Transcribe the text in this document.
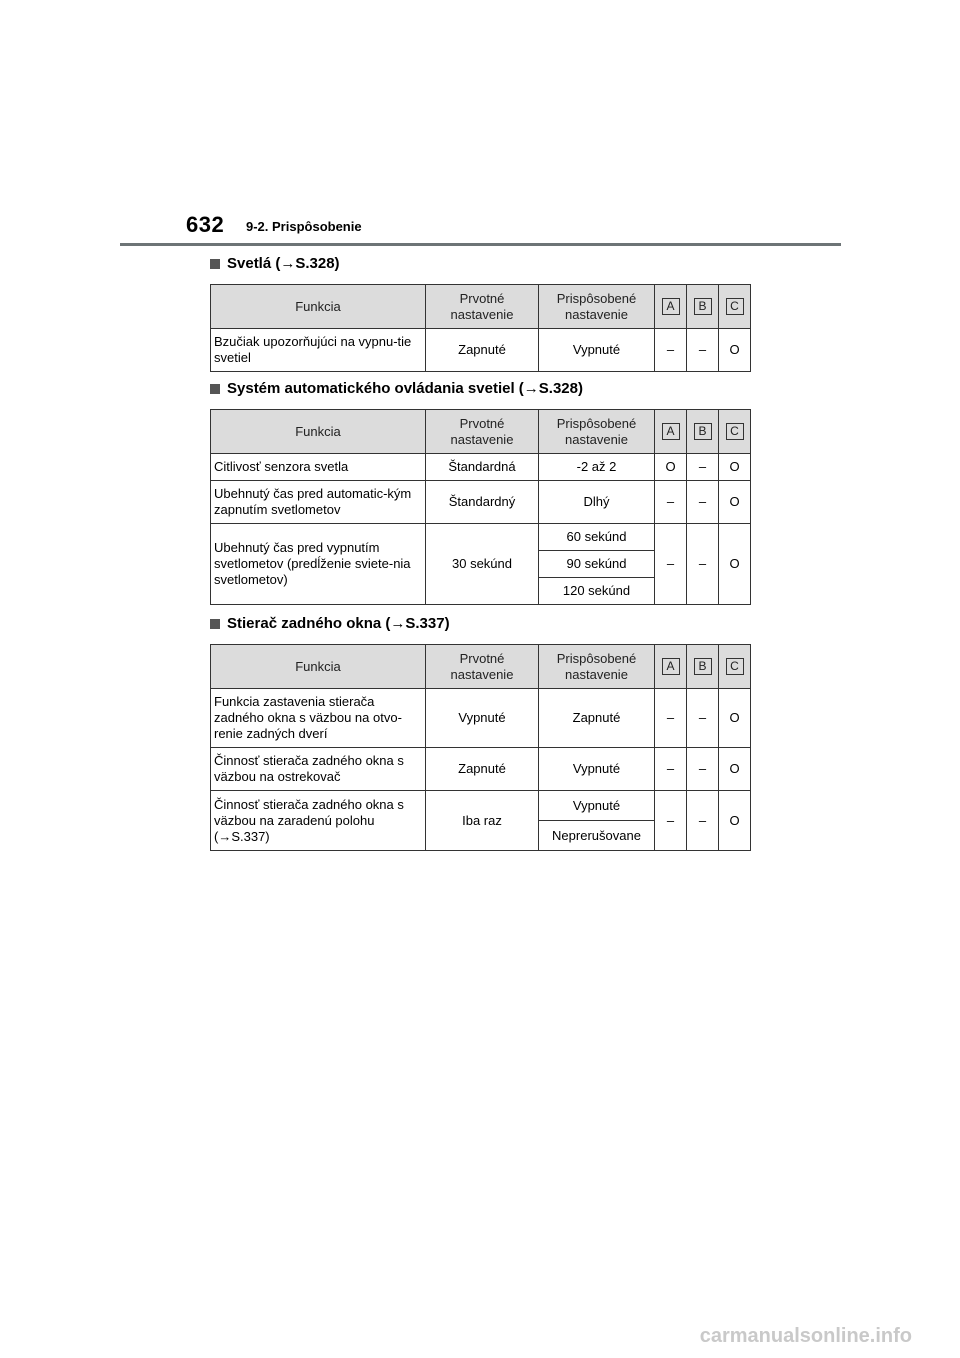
632 9-2. Prispôsobenie
Svetlá (→S.328)
Funkcia	Prvotné nastavenie	Prispôsobené nastavenie	A	B	C
Bzučiak upozorňujúci na vypnu-tie svetiel	Zapnuté	Vypnuté	–	–	O
Systém automatického ovládania svetiel (→S.328)
Funkcia	Prvotné nastavenie	Prispôsobené nastavenie	A	B	C
Citlivosť senzora svetla	Štandardná	-2 až 2	O	–	O
Ubehnutý čas pred automatic-kým zapnutím svetlometov	Štandardný	Dlhý	–	–	O
Ubehnutý čas pred vypnutím svetlometov (predĺženie sviete-nia svetlometov)	30 sekúnd	60 sekúnd	–	–	O
		90 sekúnd			
		120 sekúnd			
Stierač zadného okna (→S.337)
Funkcia	Prvotné nastavenie	Prispôsobené nastavenie	A	B	C
Funkcia zastavenia stierača zadného okna s väzbou na otvo-renie zadných dverí	Vypnuté	Zapnuté	–	–	O
Činnosť stierača zadného okna s väzbou na ostrekovač	Zapnuté	Vypnuté	–	–	O
Činnosť stierača zadného okna s väzbou na zaradenú polohu (→S.337)	Iba raz	Vypnuté	–	–	O
		Neprerušovane			
carmanualsonline.info
